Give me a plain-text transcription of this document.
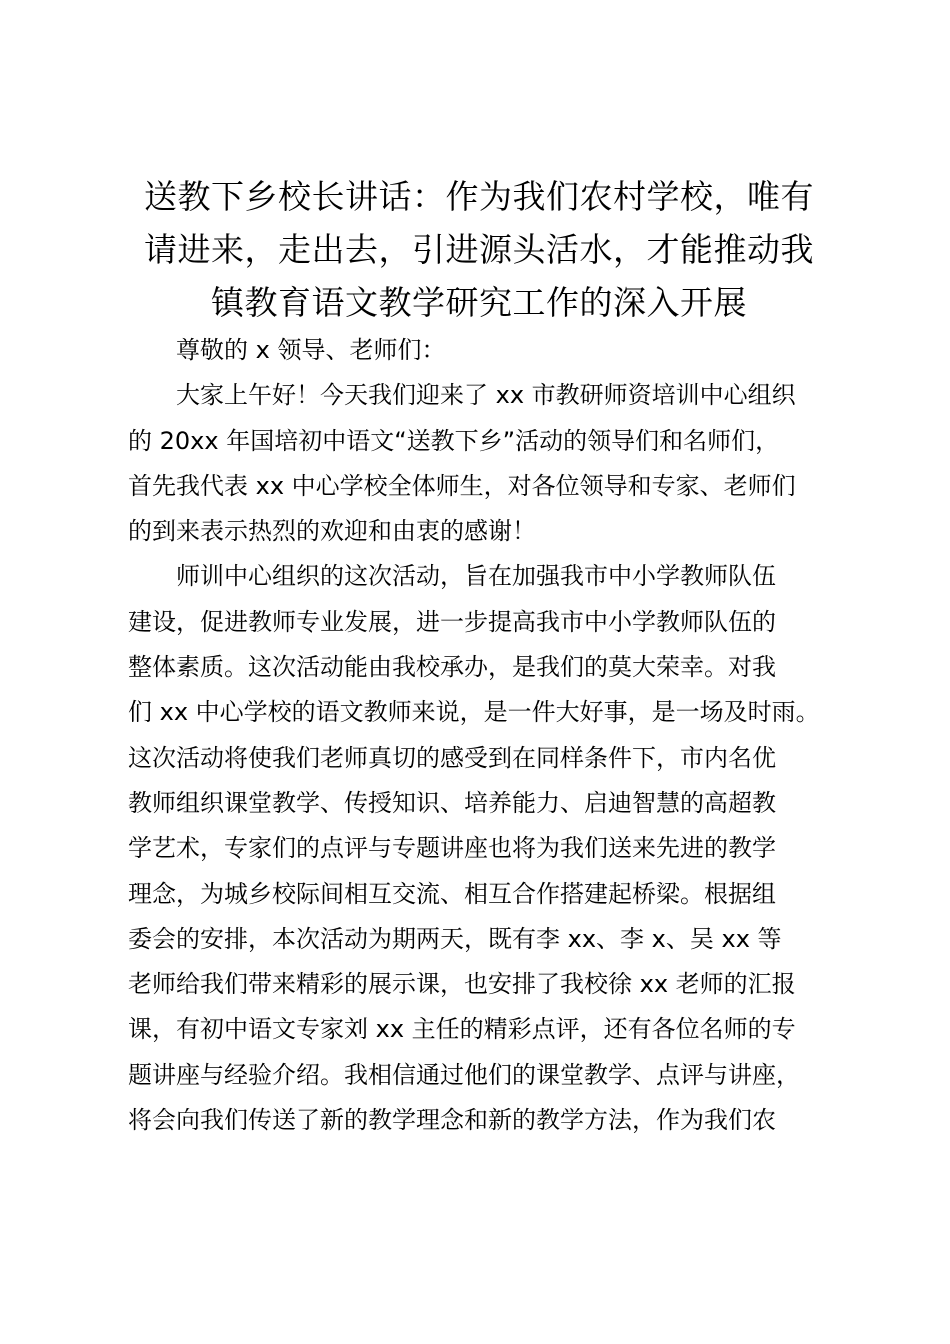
送教下乡校长讲话：作为我们农村学校，唯有
请进来，走出去，引进源头活水，才能推动我
镇教育语文教学研究工作的深入开展
尊敬的 x 领导、老师们：
大家上午好！今天我们迎来了 xx 市教研师资培训中心组织
的 20xx 年国培初中语文“送教下乡”活动的领导们和名师们，
首先我代表 xx 中心学校全体师生，对各位领导和专家、老师们
的到来表示热烈的欢迎和由衷的感谢！
师训中心组织的这次活动，旨在加强我市中小学教师队伍
建设，促进教师专业发展，进一步提高我市中小学教师队伍的
整体素质。这次活动能由我校承办，是我们的莫大荣幸。对我
们 xx 中心学校的语文教师来说，是一件大好事，是一场及时雨。
这次活动将使我们老师真切的感受到在同样条件下，市内名优
教师组织课堂教学、传授知识、培养能力、启迪智慧的高超教
学艺术，专家们的点评与专题讲座也将为我们送来先进的教学
理念，为城乡校际间相互交流、相互合作搭建起桥梁。根据组
委会的安排，本次活动为期两天，既有李 xx、李 x、吴 xx 等
老师给我们带来精彩的展示课，也安排了我校徐 xx 老师的汇报
课，有初中语文专家刘 xx 主任的精彩点评，还有各位名师的专
题讲座与经验介绍。我相信通过他们的课堂教学、点评与讲座，
将会向我们传送了新的教学理念和新的教学方法，作为我们农
